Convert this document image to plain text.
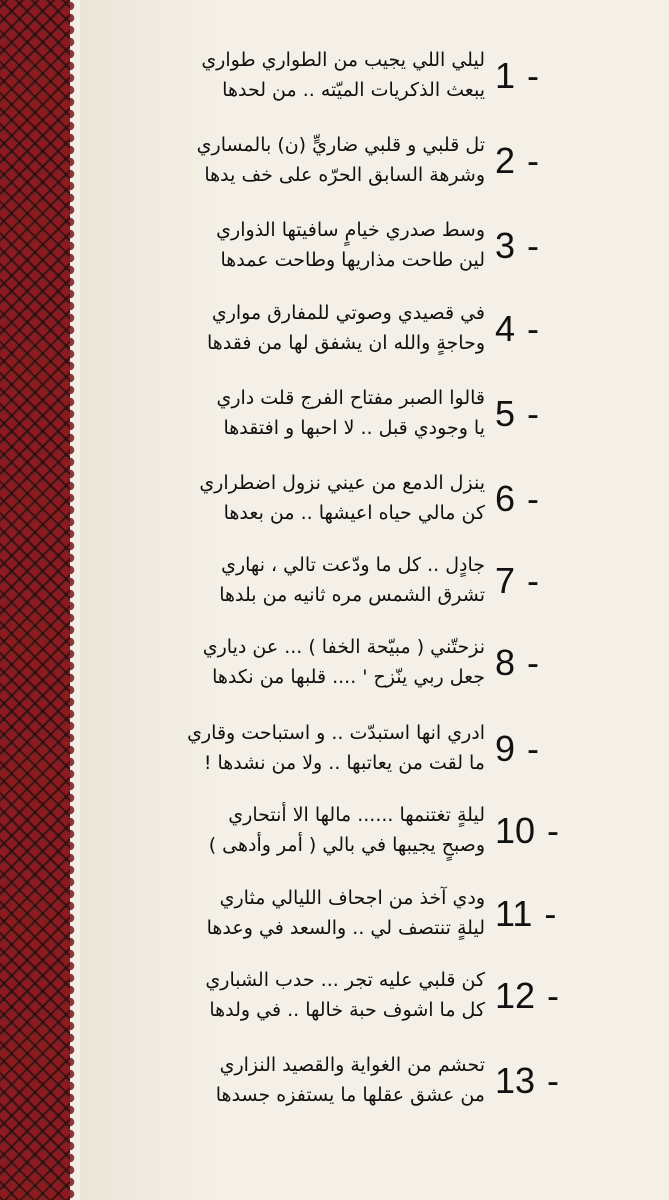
ليلي اللي يجيب من الطواري طواري
يبعث الذكريات الميّته .. من لحدها 1 -
تل قلبي و قلبي ضاريٍّ (ن) بالمساري
وشرهة السابق الحرّه على خف يدها 2 -
وسط صدري خيامٍ سافيتها الذواري
لين طاحت مذاريها وطاحت عمدها 3 -
في قصيدي وصوتي للمفارق مواري
وحاجةٍ والله ان يشفق لها من فقدها 4 -
قالوا الصبر مفتاح الفرج قلت داري
يا وجودي قبل .. لا احبها و افتقدها 5 -
ينزل الدمع من عيني نزول اضطراري
كن مالي حياه اعيشها .. من بعدها 6 -
جادٍل .. كل ما ودّعت تالي ، نهاري
تشرق الشمس مره ثانيه من بلدها 7 -
نزحتّني ( مبيّحة الخفا ) ... عن دياري
جعل ربي ينّزح ' .... قلبها من نكدها 8 -
ادري انها استبدّت .. و استباحت وقاري
ما لقت من يعاتبها .. ولا من نشدها ! 9 -
ليلةٍ تغتنمها ...... مالها الا أنتحاري
وصبحٍ يجيبها في بالي ( أمر وأدهى ) 10 -
ودي آخذ من اجحاف الليالي مثاري
ليلةٍ تنتصف لي .. والسعد في وعدها 11 -
كن قلبي عليه تجر ... حدب الشباري
كل ما اشوف حبة خالها .. في ولدها 12 -
تحشم من الغواية والقصيد النزاري
من عشق عقلها ما يستفزه جسدها 13 -
